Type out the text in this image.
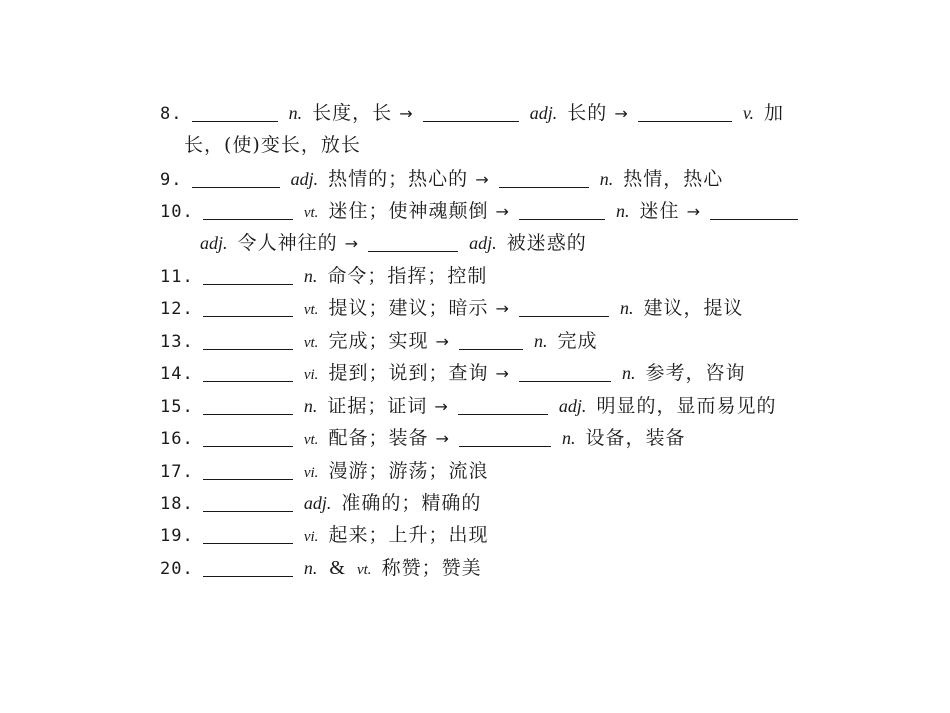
8.	n. 长度，长 →	adj. 长的 →	v. 加
长，(使)变长，放长
9.	adj. 热情的；热心的 →	n. 热情，热心
10.	vt. 迷住；使神魂颠倒 →	n. 迷住 →
adj. 令人神往的 →	adj. 被迷惑的
11.	n. 命令；指挥；控制
12.	vt. 提议；建议；暗示 →	n. 建议，提议
13.	vt. 完成；实现 →	n. 完成
14.	vi. 提到；说到；查询 →	n. 参考，咨询
15.	n. 证据；证词 →	adj. 明显的，显而易见的
16.	vt. 配备；装备 →	n. 设备，装备
17.	vi. 漫游；游荡；流浪
18.	adj. 准确的；精确的
19.	vi. 起来；上升；出现
20.	n. & vt. 称赞；赞美
